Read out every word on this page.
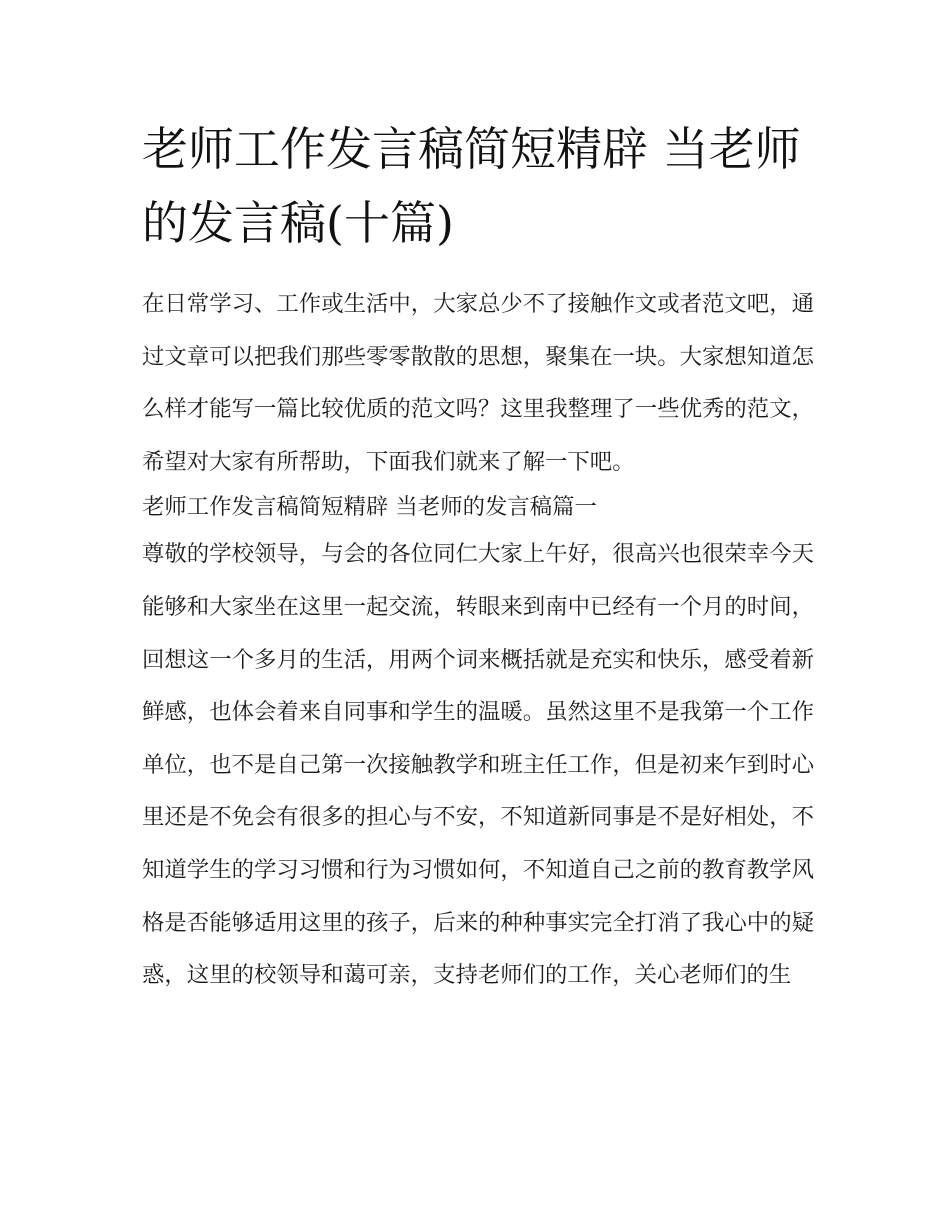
老师工作发言稿简短精辟 当老师的发言稿(十篇)

在日常学习、工作或生活中，大家总少不了接触作文或者范文吧，通过文章可以把我们那些零零散散的思想，聚集在一块。大家想知道怎么样才能写一篇比较优质的范文吗？这里我整理了一些优秀的范文，希望对大家有所帮助，下面我们就来了解一下吧。

老师工作发言稿简短精辟 当老师的发言稿篇一

尊敬的学校领导，与会的各位同仁大家上午好，很高兴也很荣幸今天能够和大家坐在这里一起交流，转眼来到南中已经有一个月的时间，回想这一个多月的生活，用两个词来概括就是充实和快乐，感受着新鲜感，也体会着来自同事和学生的温暖。虽然这里不是我第一个工作单位，也不是自己第一次接触教学和班主任工作，但是初来乍到时心里还是不免会有很多的担心与不安，不知道新同事是不是好相处，不知道学生的学习习惯和行为习惯如何，不知道自己之前的教育教学风格是否能够适用这里的孩子，后来的种种事实完全打消了我心中的疑惑，这里的校领导和蔼可亲，支持老师们的工作，关心老师们的生
